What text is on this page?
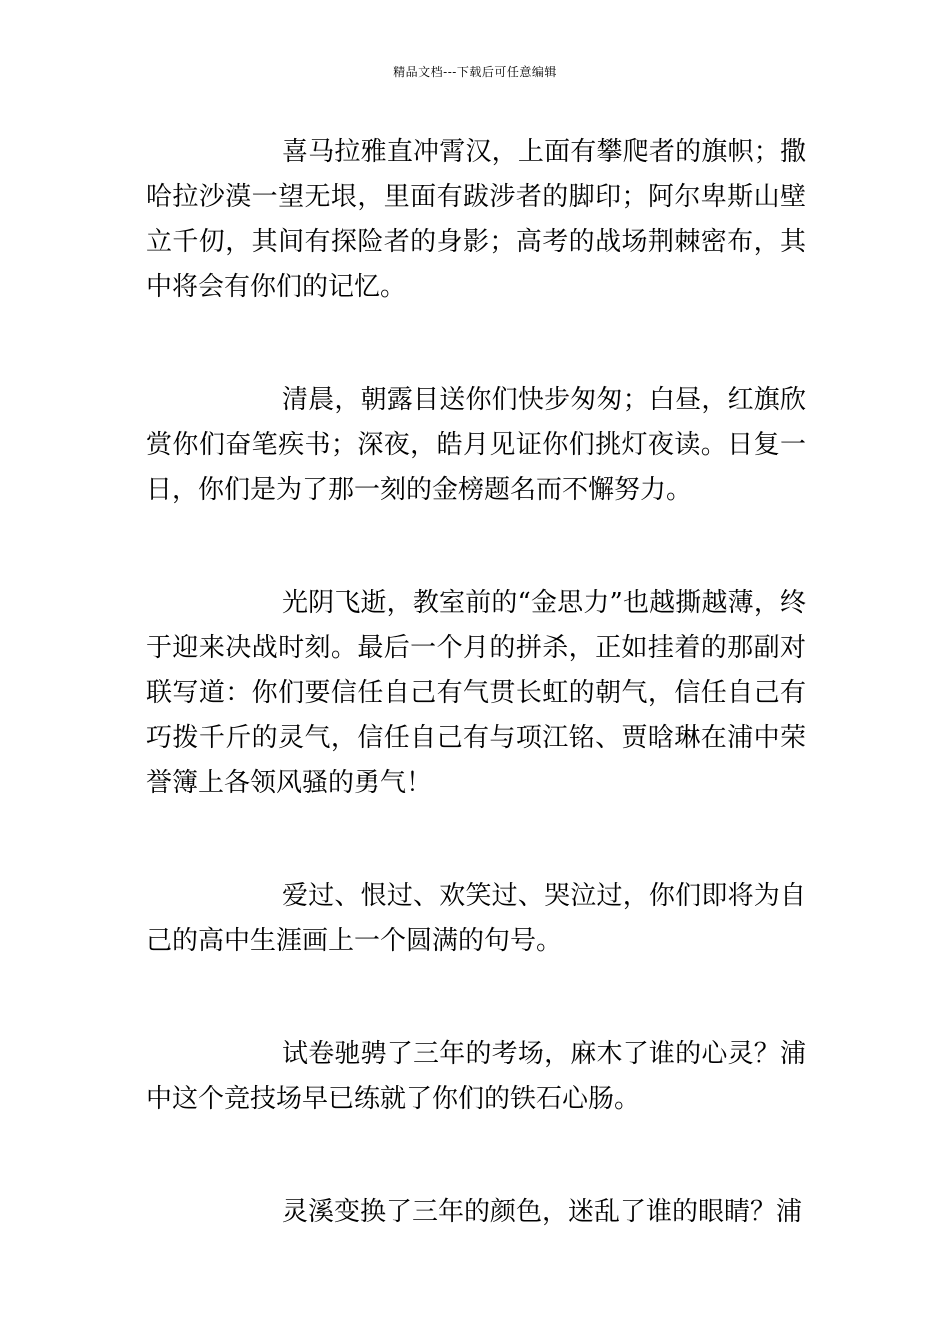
精品文档---下载后可任意编辑

喜马拉雅直冲霄汉，上面有攀爬者的旗帜；撒哈拉沙漠一望无垠，里面有跋涉者的脚印；阿尔卑斯山壁立千仞，其间有探险者的身影；高考的战场荆棘密布，其中将会有你们的记忆。

清晨，朝露目送你们快步匆匆；白昼，红旗欣赏你们奋笔疾书；深夜，皓月见证你们挑灯夜读。日复一日，你们是为了那一刻的金榜题名而不懈努力。

光阴飞逝，教室前的“金思力”也越撕越薄，终于迎来决战时刻。最后一个月的拼杀，正如挂着的那副对联写道：你们要信任自己有气贯长虹的朝气，信任自己有巧拨千斤的灵气，信任自己有与项江铭、贾晗琳在浦中荣誉簿上各领风骚的勇气！

爱过、恨过、欢笑过、哭泣过，你们即将为自己的高中生涯画上一个圆满的句号。

试卷驰骋了三年的考场，麻木了谁的心灵？浦中这个竞技场早已练就了你们的铁石心肠。

灵溪变换了三年的颜色，迷乱了谁的眼睛？浦
